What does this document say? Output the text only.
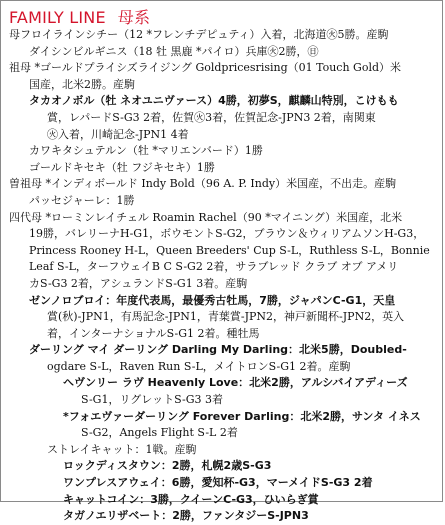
FAMILY LINE 母系

母フロイラインシチー（12 *フレンチデピュティ）入着，北海道㊋5勝。産駒

ダイシンビルギニス（18 牡 黒鹿 *パイロ）兵庫㊋2勝，㊐

祖母 *ゴールドプライシズライジング Goldpricesrising（01 Touch Gold）米

国産，北米2勝。産駒

タカオノボル（牡 ネオユニヴァース）4勝，初夢S，麒麟山特別，こけもも

賞，レパードS-G3 2着，佐賀㊋3着，佐賀記念-JPN3 2着，南関東

㊋入着，川崎記念-JPN1 4着

カワキタシュテルン（牡 *マリエンバード）1勝

ゴールドキセキ（牡 フジキセキ）1勝

曽祖母 *インディボールド Indy Bold（96 A. P. Indy）米国産，不出走。産駒

パッセジャーレ：1勝

四代母 *ローミンレイチェル Roamin Rachel（90 *マイニング）米国産，北米

19勝，バレリーナH-G1，ボウモントS-G2，ブラウン＆ウィリアムソンH-G3，

Princess Rooney H-L，Queen Breeders' Cup S-L，Ruthless S-L，Bonnie

Leaf S-L，ターフウェイB C S-G2 2着，サラブレッド クラブ オブ アメリ

カS-G3 2着，アシュランドS-G1 3着。産駒

ゼンノロブロイ：年度代表馬，最優秀古牡馬，7勝，ジャパンC-G1，天皇

賞(秋)-JPN1，有馬記念-JPN1，青葉賞-JPN2，神戸新聞杯-JPN2，英入

着，インターナショナルS-G1 2着。種牡馬

ダーリング マイ ダーリング Darling My Darling：北米5勝，Doubled-

ogdare S-L，Raven Run S-L，メイトロンS-G1 2着。産駒

ヘヴンリー ラヴ Heavenly Love：北米2勝，アルシバイアディーズ

S-G1，リグレットS-G3 3着

*フォエヴァーダーリング Forever Darling：北米2勝，サンタ イネス

S-G2，Angels Flight S-L 2着

ストレイキャット：1戦。産駒

ロックディスタウン：2勝，札幌2歳S-G3

ワンプレスアウェイ：6勝，愛知杯-G3，マーメイドS-G3 2着

キャットコイン：3勝，クイーンC-G3，ひいらぎ賞

タガノエリザベート：2勝，ファンタジーS-JPN3
